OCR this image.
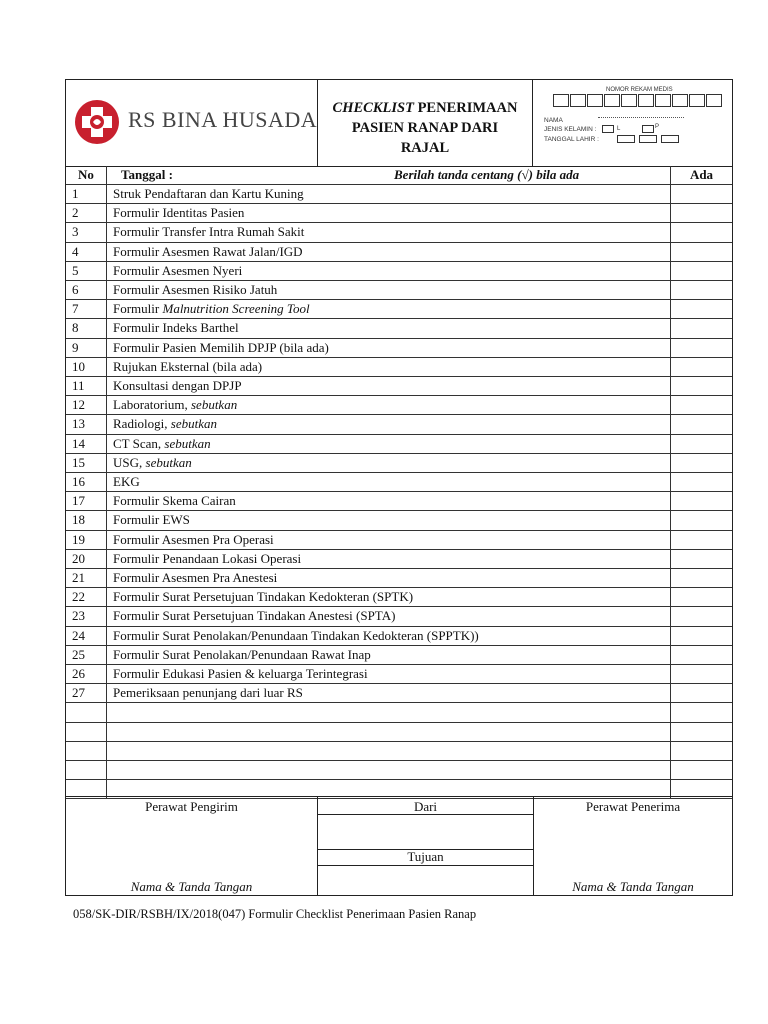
RS BINA HUSADA	CHECKLIST PENERIMAAN
PASIEN RANAP DARI
RAJAL
NOMOR REKAM MEDIS
NAMA
JENIS KELAMIN :	L	P
TANGGAL LAHIR :
No	Tanggal :	Berilah tanda centang (√) bila ada	Ada
1	Struk Pendaftaran dan Kartu Kuning
2	Formulir Identitas Pasien
3	Formulir Transfer Intra Rumah Sakit
4	Formulir Asesmen Rawat Jalan/IGD
5	Formulir Asesmen Nyeri
6	Formulir Asesmen Risiko Jatuh
7	Formulir Malnutrition Screening Tool
8	Formulir Indeks Barthel
9	Formulir Pasien Memilih DPJP (bila ada)
10	Rujukan Eksternal (bila ada)
11	Konsultasi dengan DPJP
12	Laboratorium, sebutkan
13	Radiologi, sebutkan
14	CT Scan, sebutkan
15	USG, sebutkan
16	EKG
17	Formulir Skema Cairan
18	Formulir EWS
19	Formulir Asesmen Pra Operasi
20	Formulir Penandaan Lokasi Operasi
21	Formulir Asesmen Pra Anestesi
22	Formulir Surat Persetujuan Tindakan Kedokteran (SPTK)
23	Formulir Surat Persetujuan Tindakan Anestesi (SPTA)
24	Formulir Surat Penolakan/Penundaan Tindakan Kedokteran (SPPTK))
25	Formulir Surat Penolakan/Penundaan Rawat Inap
26	Formulir Edukasi Pasien & keluarga Terintegrasi
27	Pemeriksaan penunjang dari luar RS
Perawat Pengirim
Nama & Tanda Tangan
Dari
Tujuan
Perawat Penerima
Nama & Tanda Tangan
058/SK-DIR/RSBH/IX/2018(047) Formulir Checklist Penerimaan Pasien Ranap
